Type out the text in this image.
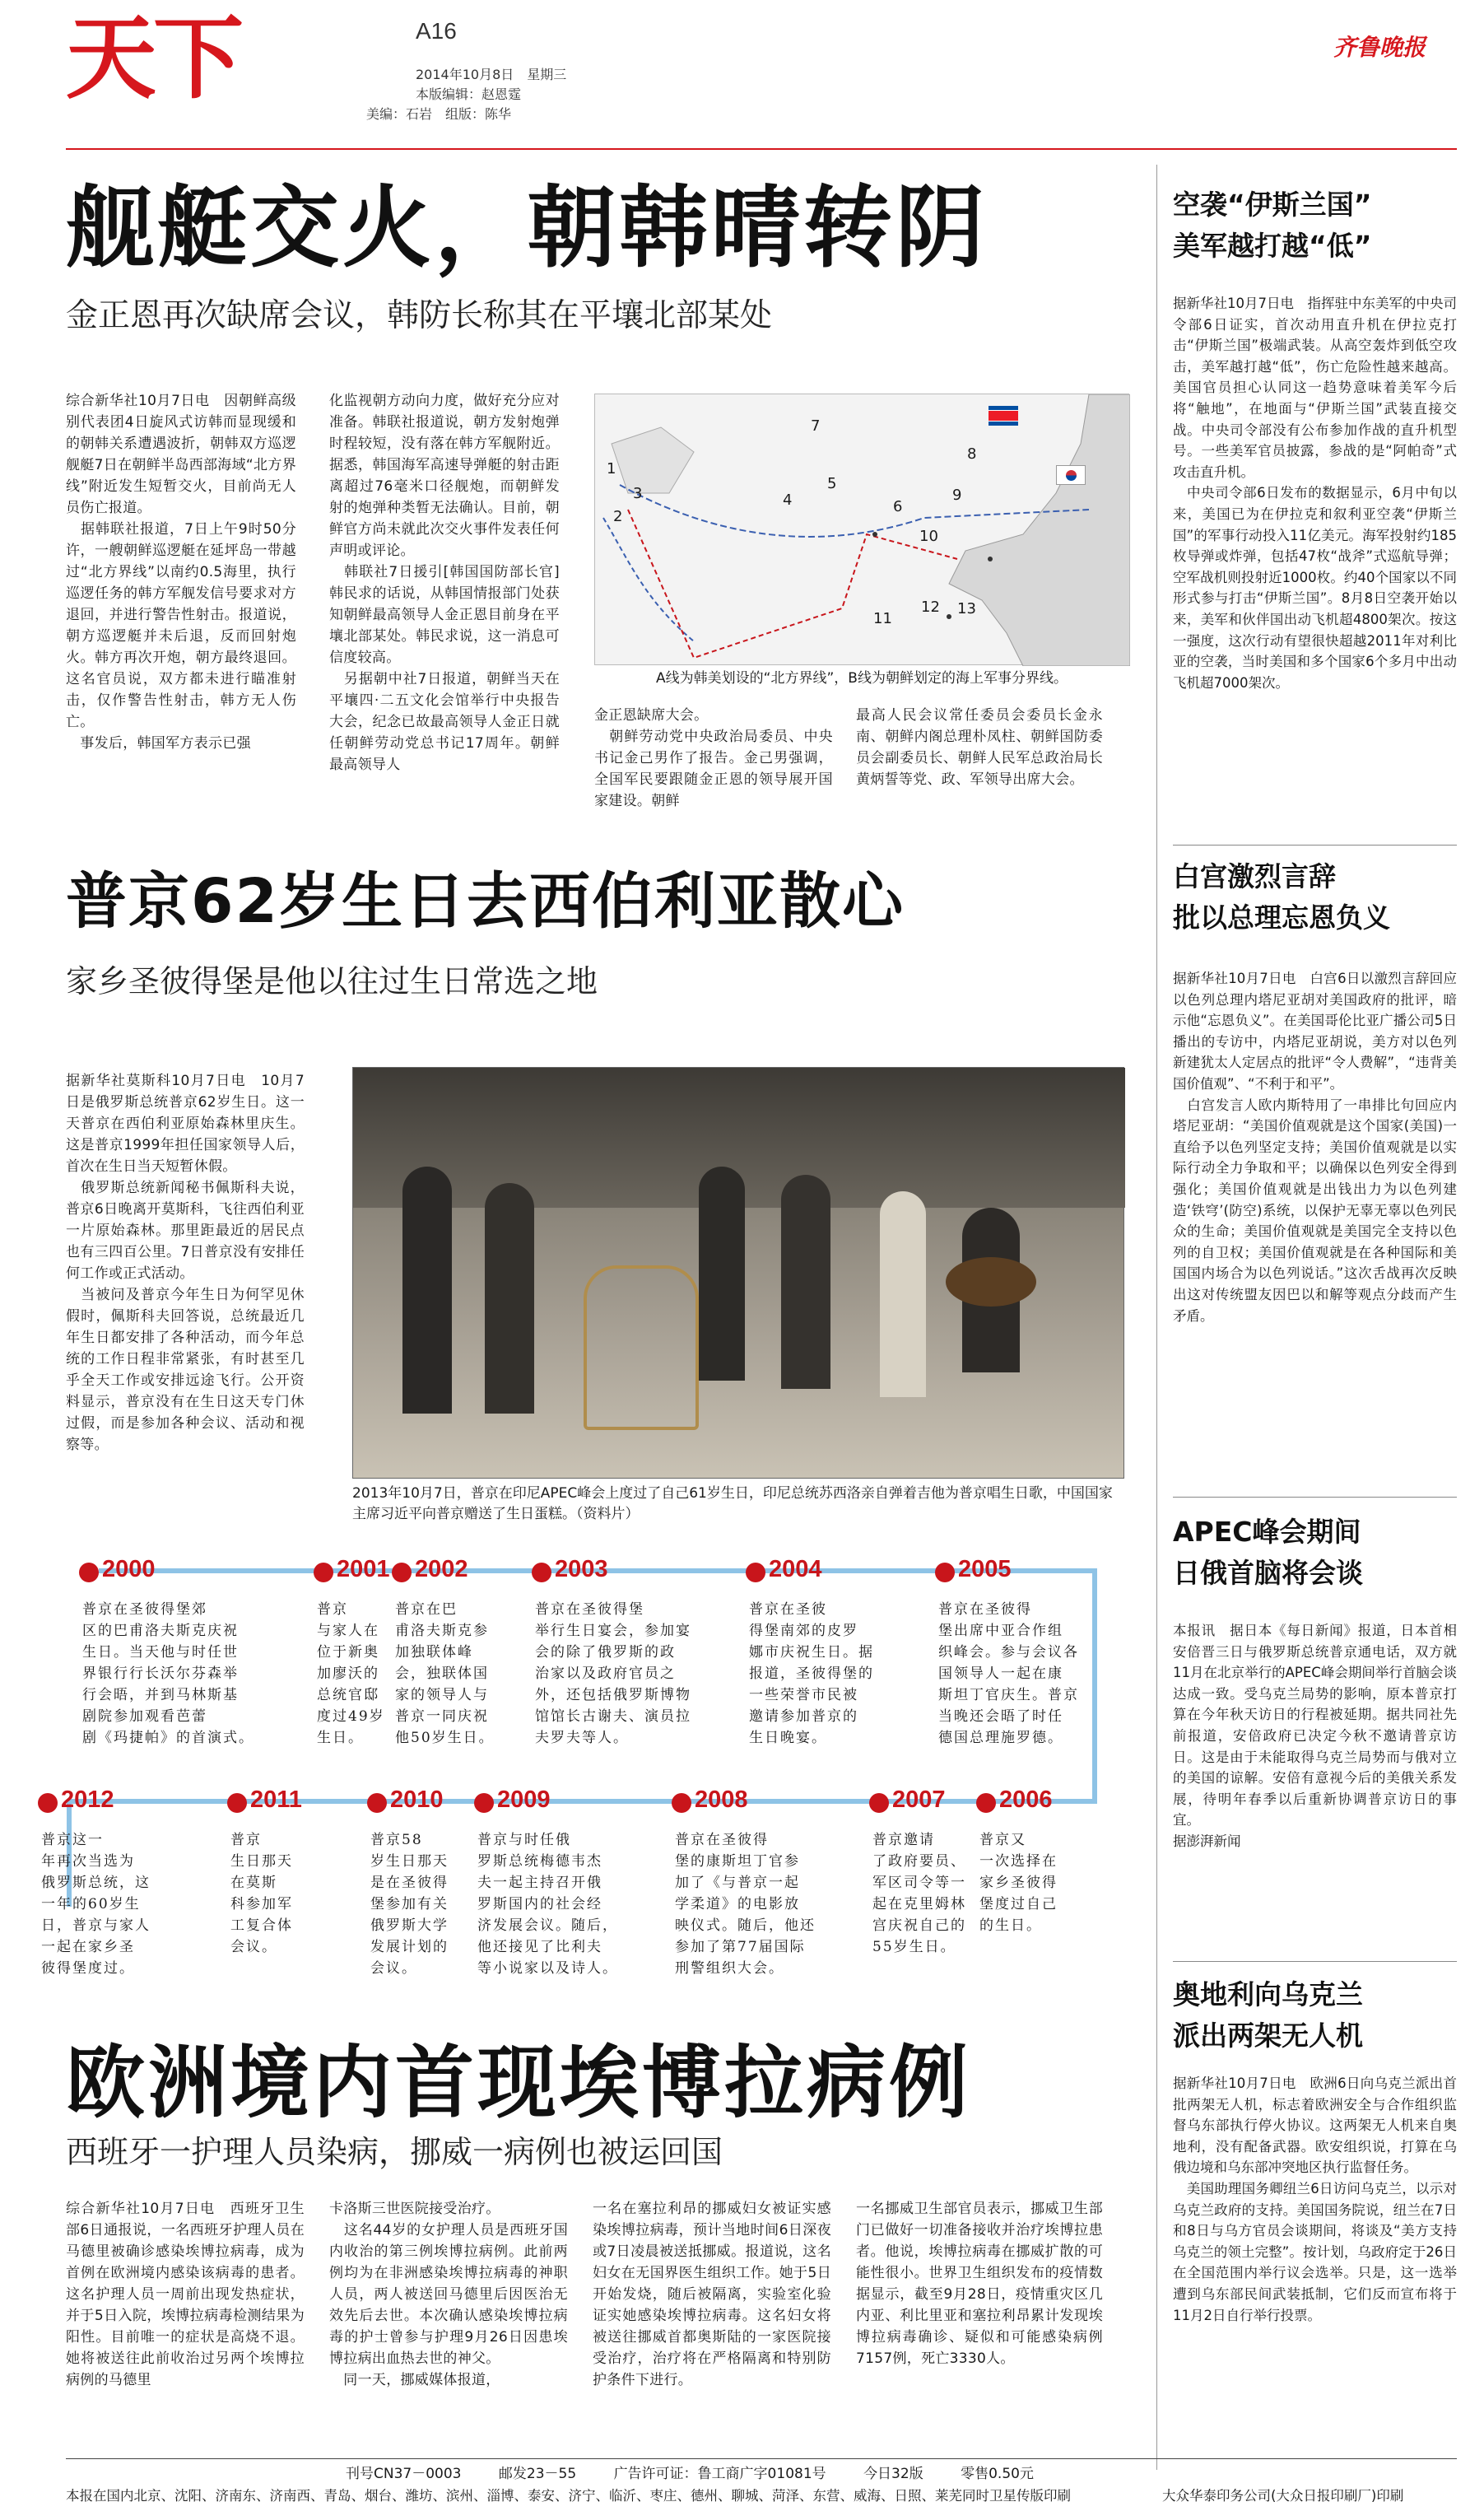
天下	A16
2014年10月8日　星期三
本版编辑：赵恩霆
美编：石岩　组版：陈华
齐鲁晚报
舰艇交火，朝韩晴转阴
金正恩再次缺席会议，韩防长称其在平壤北部某处
综合新华社10月7日电　因朝鲜高级别代表团4日旋风式访韩而显现缓和的朝韩关系遭遇波折，朝韩双方巡逻舰艇7日在朝鲜半岛西部海域“北方界线”附近发生短暂交火，目前尚无人员伤亡报道。
　据韩联社报道，7日上午9时50分许，一艘朝鲜巡逻艇在延坪岛一带越过“北方界线”以南约0.5海里，执行巡逻任务的韩方军舰发信号要求对方退回，并进行警告性射击。报道说，朝方巡逻艇并未后退，反而回射炮火。韩方再次开炮，朝方最终退回。这名官员说，双方都未进行瞄准射击，仅作警告性射击，韩方无人伤亡。
　事发后，韩国军方表示已强
化监视朝方动向力度，做好充分应对准备。韩联社报道说，朝方发射炮弹时程较短，没有落在韩方军舰附近。据悉，韩国海军高速导弹艇的射击距离超过76毫米口径舰炮，而朝鲜发射的炮弹种类暂无法确认。目前，朝鲜官方尚未就此次交火事件发表任何声明或评论。
　韩联社7日援引[韩国国防部长官]韩民求的话说，从韩国情报部门处获知朝鲜最高领导人金正恩目前身在平壤北部某处。韩民求说，这一消息可信度较高。
　另据朝中社7日报道，朝鲜当天在平壤四·二五文化会馆举行中央报告大会，纪念已故最高领导人金正日就任朝鲜劳动党总书记17周年。朝鲜最高领导人
1
2
3	4
5
6
7
8
9
10
11
12 13
A线为韩美划设的“北方界线”，B线为朝鲜划定的海上军事分界线。
金正恩缺席大会。
　朝鲜劳动党中央政治局委员、中央书记金己男作了报告。金己男强调，全国军民要跟随金正恩的领导展开国家建设。朝鲜
最高人民会议常任委员会委员长金永南、朝鲜内阁总理朴凤柱、朝鲜国防委员会副委员长、朝鲜人民军总政治局长黄炳誓等党、政、军领导出席大会。
普京62岁生日去西伯利亚散心
家乡圣彼得堡是他以往过生日常选之地
据新华社莫斯科10月7日电　10月7日是俄罗斯总统普京62岁生日。这一天普京在西伯利亚原始森林里庆生。这是普京1999年担任国家领导人后，首次在生日当天短暂休假。
　俄罗斯总统新闻秘书佩斯科夫说，普京6日晚离开莫斯科，飞往西伯利亚一片原始森林。那里距最近的居民点也有三四百公里。7日普京没有安排任何工作或正式活动。
　当被问及普京今年生日为何罕见休假时，佩斯科夫回答说，总统最近几年生日都安排了各种活动，而今年总统的工作日程非常紧张，有时甚至几乎全天工作或安排远途飞行。公开资料显示，普京没有在生日这天专门休过假，而是参加各种会议、活动和视察等。
2013年10月7日，普京在印尼APEC峰会上度过了自己61岁生日，印尼总统苏西洛亲自弹着吉他为普京唱生日歌，中国国家主席习近平向普京赠送了生日蛋糕。（资料片）
2000
普京在圣彼得堡郊
区的巴甫洛夫斯克庆祝
生日。当天他与时任世
界银行行长沃尔芬森举
行会晤，并到马林斯基
剧院参加观看芭蕾
剧《玛捷帕》的首演式。
2001
普京
与家人在
位于新奥
加廖沃的
总统官邸
度过49岁
生日。
2002
普京在巴
甫洛夫斯克参
加独联体峰
会，独联体国
家的领导人与
普京一同庆祝
他50岁生日。
2003
普京在圣彼得堡
举行生日宴会，参加宴
会的除了俄罗斯的政
治家以及政府官员之
外，还包括俄罗斯博物
馆馆长古谢夫、演员拉
夫罗夫等人。
2004
普京在圣彼
得堡南郊的皮罗
娜市庆祝生日。据
报道，圣彼得堡的
一些荣誉市民被
邀请参加普京的
生日晚宴。
2005
普京在圣彼得
堡出席中亚合作组
织峰会。参与会议各
国领导人一起在康
斯坦丁官庆生。普京
当晚还会晤了时任
德国总理施罗德。
2012
普京这一
年再次当选为
俄罗斯总统，这
一年的60岁生
日，普京与家人
一起在家乡圣
彼得堡度过。
2011
普京
生日那天
在莫斯
科参加军
工复合体
会议。
2010
普京58
岁生日那天
是在圣彼得
堡参加有关
俄罗斯大学
发展计划的
会议。
2009
普京与时任俄
罗斯总统梅德韦杰
夫一起主持召开俄
罗斯国内的社会经
济发展会议。随后，
他还接见了比利夫
等小说家以及诗人。
2008
普京在圣彼得
堡的康斯坦丁官参
加了《与普京一起
学柔道》的电影放
映仪式。随后，他还
参加了第77届国际
刑警组织大会。
2007
普京邀请
了政府要员、
军区司令等一
起在克里姆林
宫庆祝自己的
55岁生日。
2006
普京又
一次选择在
家乡圣彼得
堡度过自己
的生日。
欧洲境内首现埃博拉病例
西班牙一护理人员染病，挪威一病例也被运回国
综合新华社10月7日电　西班牙卫生部6日通报说，一名西班牙护理人员在马德里被确诊感染埃博拉病毒，成为首例在欧洲境内感染该病毒的患者。这名护理人员一周前出现发热症状，并于5日入院，埃博拉病毒检测结果为阳性。目前唯一的症状是高烧不退。她将被送往此前收治过另两个埃博拉病例的马德里
卡洛斯三世医院接受治疗。
　这名44岁的女护理人员是西班牙国内收治的第三例埃博拉病例。此前两例均为在非洲感染埃博拉病毒的神职人员，两人被送回马德里后因医治无效先后去世。本次确认感染埃博拉病毒的护士曾参与护理9月26日因患埃博拉病出血热去世的神父。
　同一天，挪威媒体报道，
一名在塞拉利昂的挪威妇女被证实感染埃博拉病毒，预计当地时间6日深夜或7日凌晨被送抵挪威。报道说，这名妇女在无国界医生组织工作。她于5日开始发烧，随后被隔离，实验室化验证实她感染埃博拉病毒。这名妇女将被送往挪威首都奥斯陆的一家医院接受治疗，治疗将在严格隔离和特别防护条件下进行。
一名挪威卫生部官员表示，挪威卫生部门已做好一切准备接收并治疗埃博拉患者。他说，埃博拉病毒在挪威扩散的可能性很小。世界卫生组织发布的疫情数据显示，截至9月28日，疫情重灾区几内亚、利比里亚和塞拉利昂累计发现埃博拉病毒确诊、疑似和可能感染病例7157例，死亡3330人。
空袭“伊斯兰国”
美军越打越“低”
据新华社10月7日电　指挥驻中东美军的中央司令部6日证实，首次动用直升机在伊拉克打击“伊斯兰国”极端武装。从高空轰炸到低空攻击，美军越打越“低”，伤亡危险性越来越高。美国官员担心认同这一趋势意味着美军今后将“触地”，在地面与“伊斯兰国”武装直接交战。中央司令部没有公布参加作战的直升机型号。一些美军官员披露，参战的是“阿帕奇”式攻击直升机。
　中央司令部6日发布的数据显示，6月中旬以来，美国已为在伊拉克和叙利亚空袭“伊斯兰国”的军事行动投入11亿美元。海军投射约185枚导弹或炸弹，包括47枚“战斧”式巡航导弹；空军战机则投射近1000枚。约40个国家以不同形式参与打击“伊斯兰国”。8月8日空袭开始以来，美军和伙伴国出动飞机超4800架次。按这一强度，这次行动有望很快超越2011年对利比亚的空袭，当时美国和多个国家6个多月中出动飞机超7000架次。
白宫激烈言辞
批以总理忘恩负义
据新华社10月7日电　白宫6日以激烈言辞回应以色列总理内塔尼亚胡对美国政府的批评，暗示他“忘恩负义”。在美国哥伦比亚广播公司5日播出的专访中，内塔尼亚胡说，美方对以色列新建犹太人定居点的批评“令人费解”，“违背美国价值观”、“不利于和平”。
　白宫发言人欧内斯特用了一串排比句回应内塔尼亚胡：“美国价值观就是这个国家(美国)一直给予以色列坚定支持；美国价值观就是以实际行动全力争取和平；以确保以色列安全得到强化；美国价值观就是出钱出力为以色列建造‘铁穹’(防空)系统，以保护无辜无辜以色列民众的生命；美国价值观就是美国完全支持以色列的自卫权；美国价值观就是在各种国际和美国国内场合为以色列说话。”这次舌战再次反映出这对传统盟友因巴以和解等观点分歧而产生矛盾。
APEC峰会期间
日俄首脑将会谈
本报讯　据日本《每日新闻》报道，日本首相安倍晋三日与俄罗斯总统普京通电话，双方就11月在北京举行的APEC峰会期间举行首脑会谈达成一致。受乌克兰局势的影响，原本普京打算在今年秋天访日的行程被延期。据共同社先前报道，安倍政府已决定今秋不邀请普京访日。这是由于未能取得乌克兰局势而与俄对立的美国的谅解。安倍有意视今后的美俄关系发展，待明年春季以后重新协调普京访日的事宜。
据澎湃新闻
奥地利向乌克兰
派出两架无人机
据新华社10月7日电　欧洲6日向乌克兰派出首批两架无人机，标志着欧洲安全与合作组织监督乌东部执行停火协议。这两架无人机来自奥地利，没有配备武器。欧安组织说，打算在乌俄边境和乌东部冲突地区执行监督任务。
　美国助理国务卿纽兰6日访问乌克兰，以示对乌克兰政府的支持。美国国务院说，纽兰在7日和8日与乌方官员会谈期间，将谈及“美方支持乌克兰的领土完整”。按计划，乌政府定于26日在全国范围内举行议会选举。只是，这一选举遭到乌东部民间武装抵制，它们反而宣布将于11月2日自行举行投票。
刊号CN37－0003	邮发23－55	广告许可证：鲁工商广字01081号	今日32版	零售0.50元
本报在国内北京、沈阳、济南东、济南西、青岛、烟台、潍坊、滨州、淄博、泰安、济宁、临沂、枣庄、德州、聊城、菏泽、东营、威海、日照、莱芜同时卫星传版印刷	大众华泰印务公司(大众日报印刷厂)印刷
